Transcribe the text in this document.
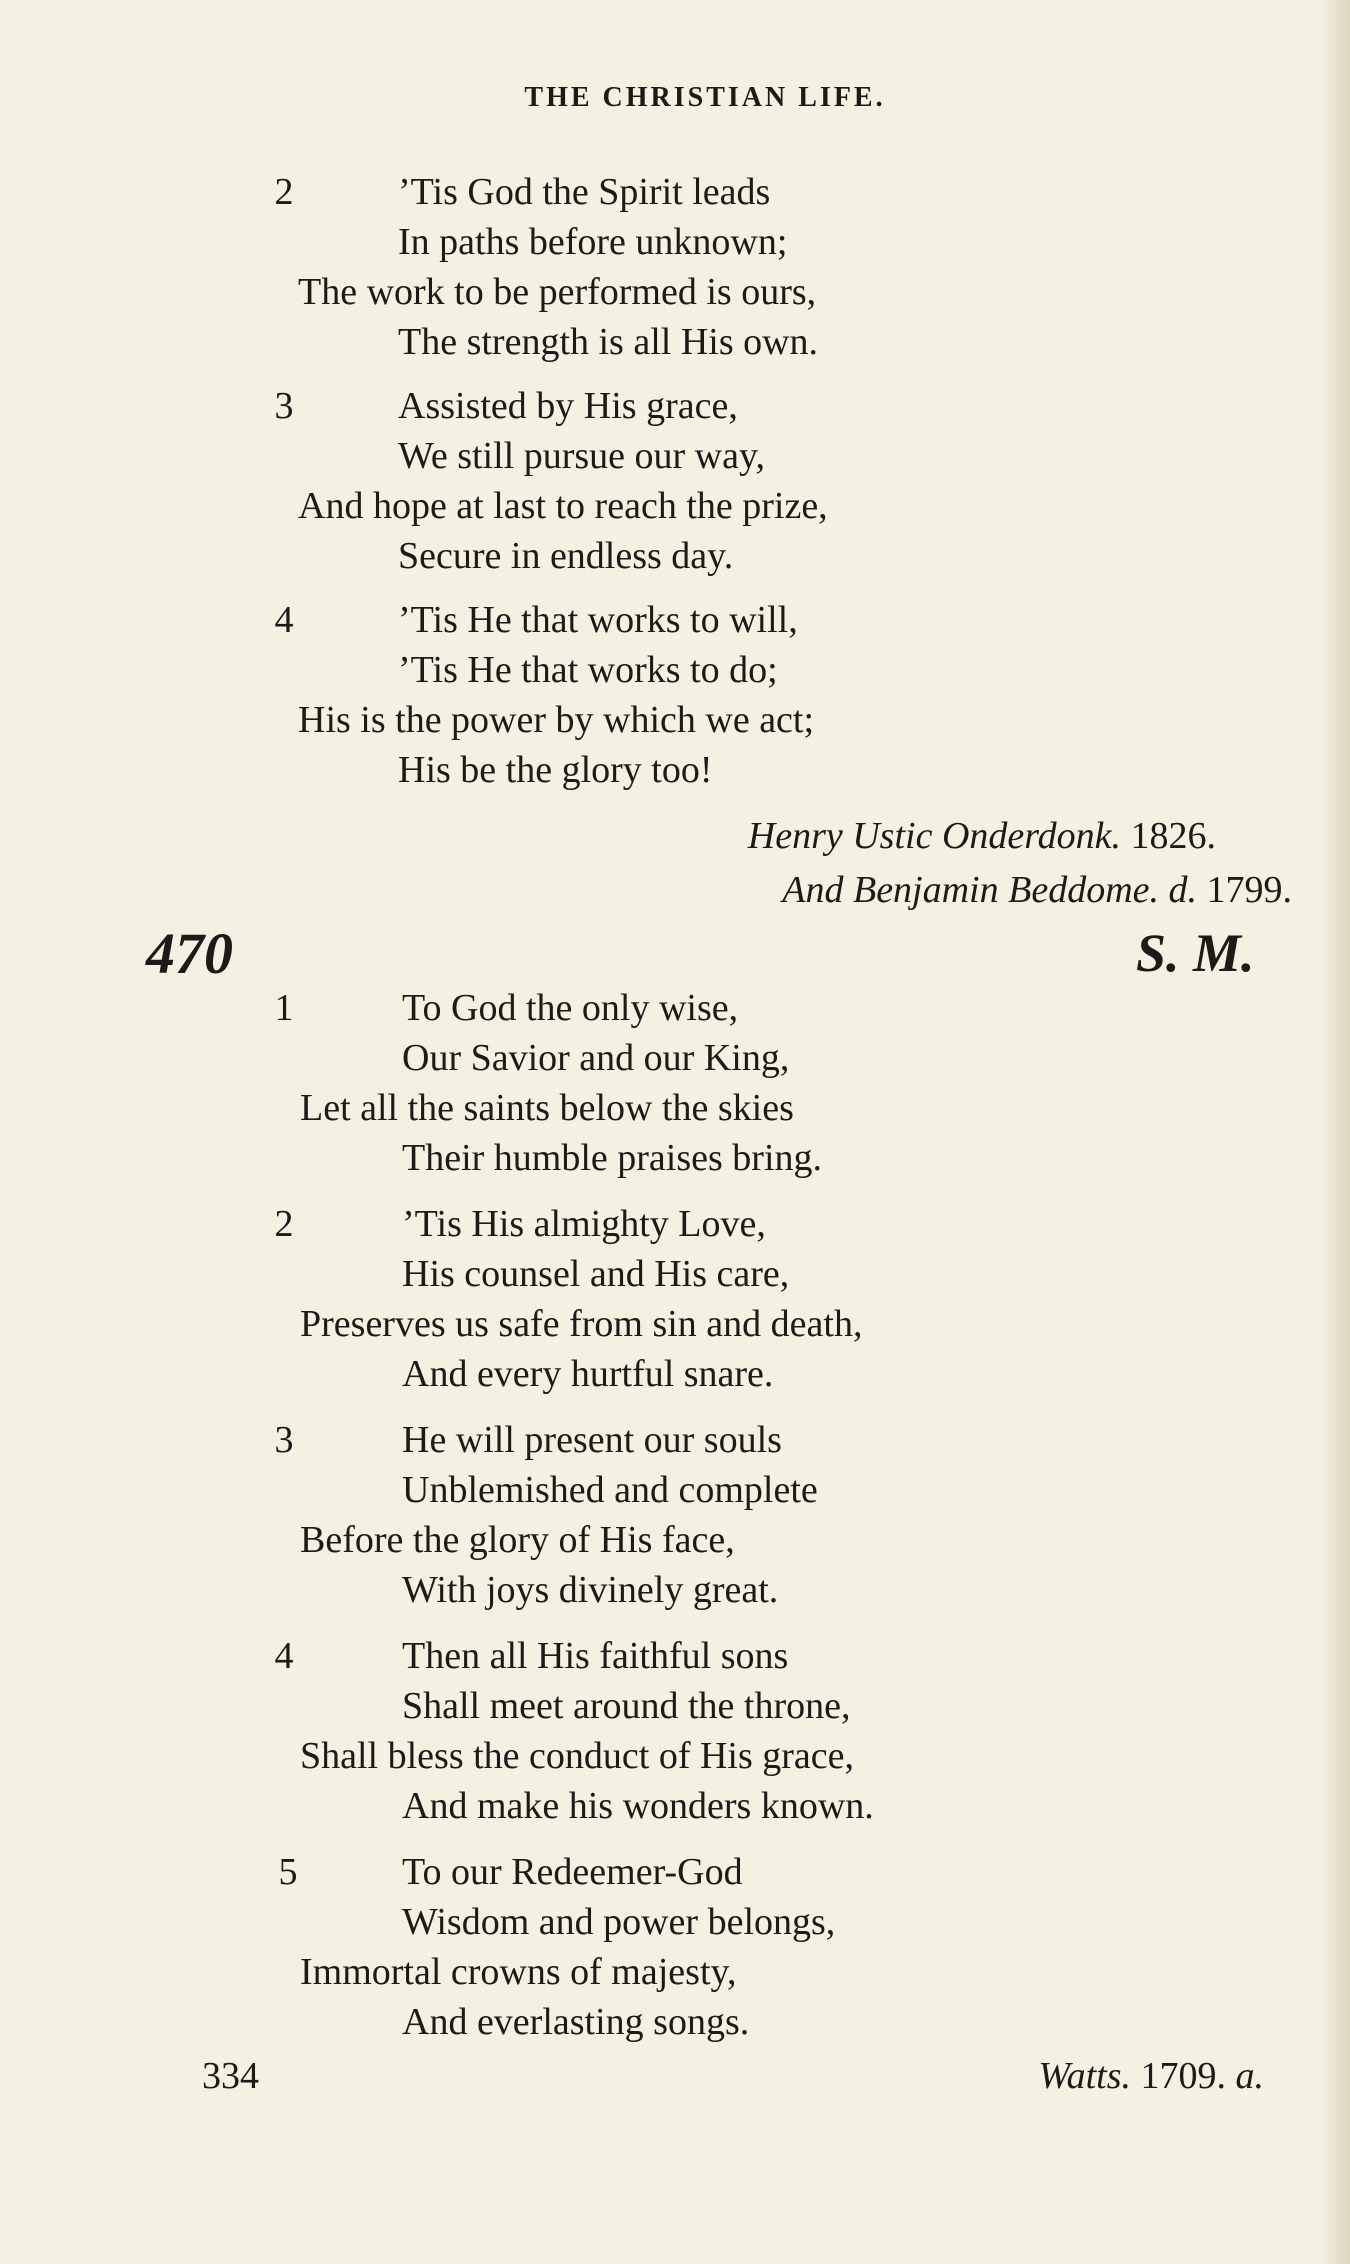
THE CHRISTIAN LIFE.
2	’Tis God the Spirit leads
In paths before unknown;
The work to be performed is ours,
The strength is all His own.
3	Assisted by His grace,
We still pursue our way,
And hope at last to reach the prize,
Secure in endless day.
4	’Tis He that works to will,
’Tis He that works to do;
His is the power by which we act;
His be the glory too!
Henry Ustic Onderdonk. 1826.
And Benjamin Beddome. d. 1799.
470	S. M.
1	To God the only wise,
Our Savior and our King,
Let all the saints below the skies
Their humble praises bring.
2	’Tis His almighty Love,
His counsel and His care,
Preserves us safe from sin and death,
And every hurtful snare.
3	He will present our souls
Unblemished and complete
Before the glory of His face,
With joys divinely great.
4	Then all His faithful sons
Shall meet around the throne,
Shall bless the conduct of His grace,
And make his wonders known.
5	To our Redeemer-God
Wisdom and power belongs,
Immortal crowns of majesty,
And everlasting songs.
334	Watts. 1709. a.
